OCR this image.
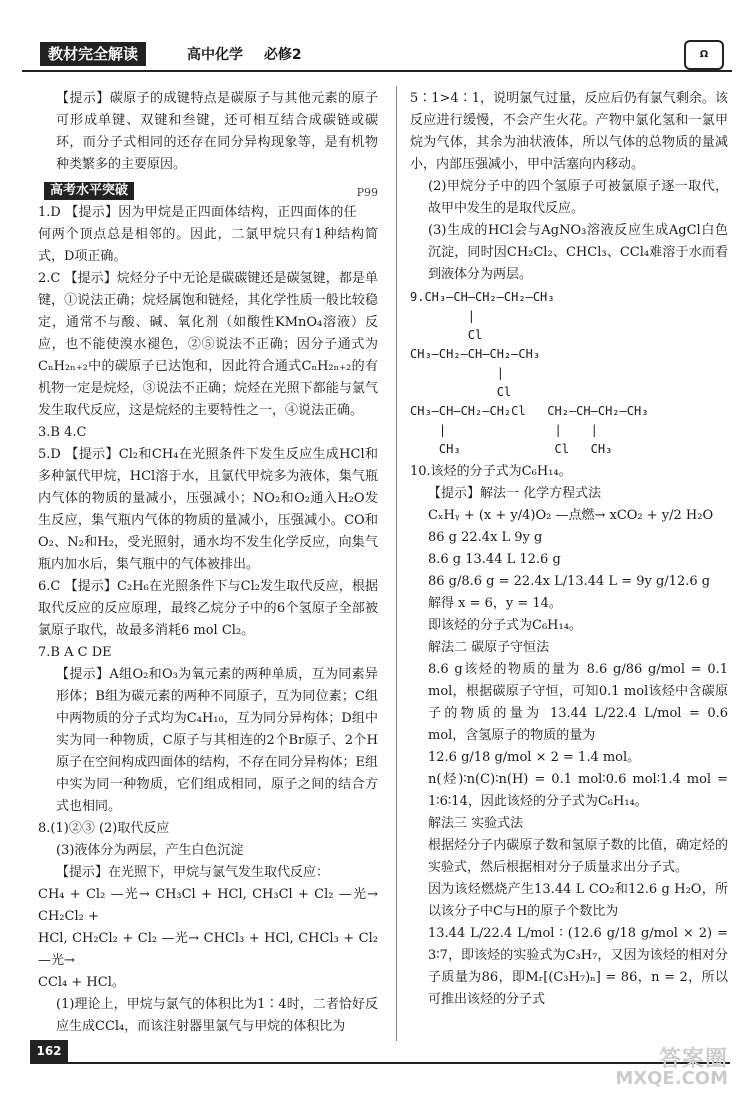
教材完全解读	高中化学 必修2	Ω

【提示】碳原子的成键特点是碳原子与其他元素的原子可形成单键、双键和叁键，还可相互结合成碳链或碳环，而分子式相同的还存在同分异构现象等，是有机物种类繁多的主要原因。

高考水平突破	P99

1.D 【提示】因为甲烷是正四面体结构，正四面体的任何两个顶点总是相邻的。因此，二氯甲烷只有1种结构简式，D项正确。

2.C 【提示】烷烃分子中无论是碳碳键还是碳氢键，都是单键，①说法正确；烷烃属饱和链烃，其化学性质一般比较稳定，通常不与酸、碱、氧化剂（如酸性KMnO₄溶液）反应，也不能使溴水褪色，②⑤说法不正确；因分子通式为CₙH₂ₙ₊₂中的碳原子已达饱和，因此符合通式CₙH₂ₙ₊₂的有机物一定是烷烃，③说法不正确；烷烃在光照下都能与氯气发生取代反应，这是烷烃的主要特性之一，④说法正确。

3.B 4.C

5.D 【提示】Cl₂和CH₄在光照条件下发生反应生成HCl和多种氯代甲烷，HCl溶于水，且氯代甲烷多为液体，集气瓶内气体的物质的量减小，压强减小；NO₂和O₂通入H₂O发生反应，集气瓶内气体的物质的量减小，压强减小。CO和O₂、N₂和H₂，受光照射，通水均不发生化学反应，向集气瓶内加水后，集气瓶中的气体被排出。

6.C 【提示】C₂H₆在光照条件下与Cl₂发生取代反应，根据取代反应的反应原理，最终乙烷分子中的6个氢原子全部被氯原子取代，故最多消耗6 mol Cl₂。

7.B A C DE

【提示】A组O₂和O₃为氧元素的两种单质，互为同素异形体；B组为碳元素的两种不同原子，互为同位素；C组中两物质的分子式均为C₄H₁₀，互为同分异构体；D组中实为同一种物质，C原子与其相连的2个Br原子、2个H原子在空间构成四面体的结构，不存在同分异构体；E组中实为同一种物质，它们组成相同，原子之间的结合方式也相同。

8.(1)②③ (2)取代反应

(3)液体分为两层，产生白色沉淀

【提示】在光照下，甲烷与氯气发生取代反应：

CH₄ + Cl₂ —光→ CH₃Cl + HCl, CH₃Cl + Cl₂ —光→ CH₂Cl₂ +

HCl, CH₂Cl₂ + Cl₂ —光→ CHCl₃ + HCl, CHCl₃ + Cl₂ —光→

CCl₄ + HCl。

(1)理论上，甲烷与氯气的体积比为1∶4时，二者恰好反应生成CCl₄，而该注射器里氯气与甲烷的体积比为

5∶1>4∶1，说明氯气过量，反应后仍有氯气剩余。该反应进行缓慢，不会产生火花。产物中氯化氢和一氯甲烷为气体，其余为油状液体，所以气体的总物质的量减小，内部压强减小，甲中活塞向内移动。

(2)甲烷分子中的四个氢原子可被氯原子逐一取代，故甲中发生的是取代反应。

(3)生成的HCl会与AgNO₃溶液反应生成AgCl白色沉淀，同时因CH₂Cl₂、CHCl₃、CCl₄难溶于水而看到液体分为两层。

9.CH₃—CH—CH₂—CH₂—CH₃
|
Cl
CH₃—CH₂—CH—CH₂—CH₃
|
Cl
CH₃—CH—CH₂—CH₂Cl   CH₂—CH—CH₂—CH₃
|               |    |
CH₃             Cl   CH₃

10.该烃的分子式为C₆H₁₄。

【提示】解法一 化学方程式法

CₓHᵧ + (x + y/4)O₂ —点燃→ xCO₂ + y/2 H₂O

86 g 22.4x L 9y g

8.6 g 13.44 L 12.6 g

86 g/8.6 g = 22.4x L/13.44 L = 9y g/12.6 g

解得 x = 6，y = 14。

即该烃的分子式为C₆H₁₄。

解法二 碳原子守恒法

8.6 g该烃的物质的量为 8.6 g/86 g/mol = 0.1 mol，根据碳原子守恒，可知0.1 mol该烃中含碳原子的物质的量为 13.44 L/22.4 L/mol = 0.6 mol，含氢原子的物质的量为

12.6 g/18 g/mol × 2 = 1.4 mol。

n(烃)∶n(C)∶n(H) = 0.1 mol∶0.6 mol∶1.4 mol = 1∶6∶14，因此该烃的分子式为C₆H₁₄。

解法三 实验式法

根据烃分子内碳原子数和氢原子数的比值，确定烃的实验式，然后根据相对分子质量求出分子式。

因为该烃燃烧产生13.44 L CO₂和12.6 g H₂O，所以该分子中C与H的原子个数比为

13.44 L/22.4 L/mol ∶ (12.6 g/18 g/mol × 2) = 3∶7，即该烃的实验式为C₃H₇，又因为该烃的相对分子质量为86，即Mᵣ[(C₃H₇)ₙ] = 86，n = 2，所以可推出该烃的分子式

162	答案圈
MXQE.COM
